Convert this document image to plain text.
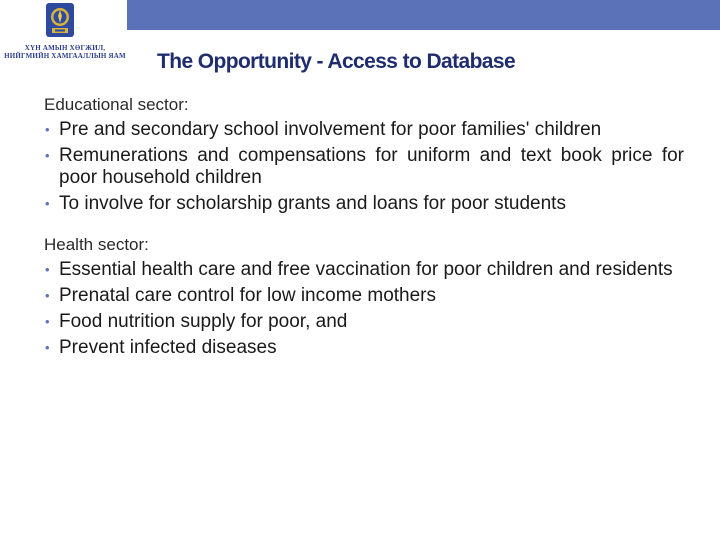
ХҮН АМЫН ХӨГЖИЛ,
НИЙГМИЙН ХАМГААЛЛЫН ЯАМ The Opportunity - Access to Database
Educational sector:
• Pre and secondary school involvement for poor families' children
• Remunerations and compensations for uniform and text book price for poor household children
• To involve for scholarship grants and loans for poor students
Health sector:
• Essential health care and free vaccination for poor children and residents
• Prenatal care control for low income mothers
• Food nutrition supply for poor, and
• Prevent infected diseases
